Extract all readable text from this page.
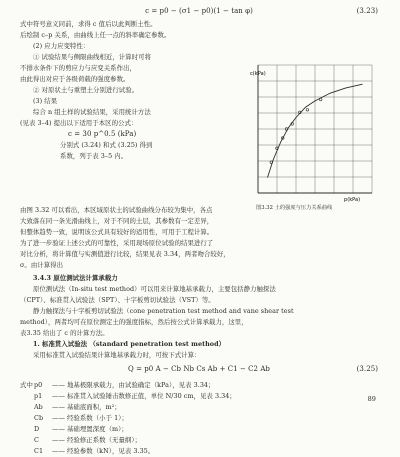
c = p0 − (σ1 − p0)(1 − tan φ)	(3.23)
式中符号意义同前，求得 c 值后以此判断土性。
后绘制 c–p 关系，由曲线上任一点的斜率确定参数。
(2) 应力应变特性：
① 试验结果与侧限曲线相近，计算时可将
不排水条件下的剪应力与应变关系作出，
由此得出对应于各级荷载的强度参数。
② 对原状土与重塑土分别进行试验。
(3) 结果
综合 n 组土样的试验结果，采用统计方法
(见表 3–4) 提出以下适用于本区的公式：
c = 30 p^0.5 (kPa)
分别式 (3.24) 和式 (3.25) 得到
系数，列于表 3–5 内。
c(kPa)
p(kPa)
图3.32 土的强度与压力关系曲线
由图 3.32 可以看出，本区域原状土的试验曲线分布较为集中，各点
大致落在同一条光滑曲线上，对于不同的土层，其参数有一定差异，
但整体趋势一致，说明该公式具有较好的适用性，可用于工程计算。
为了进一步验证上述公式的可靠性，采用现场原位试验的结果进行了
对比分析，将计算值与实测值进行比较，结果见表 3.34，两者吻合较好，
σ。由计算得出
3.4.3 原位测试法计算承载力
原位测试法（In-situ test method）可以用来计算地基承载力，主要包括静力触探法
（CPT）、标准贯入试验法（SPT）、十字板剪切试验法（VST）等。
静力触探法与十字板剪切试验法（cone penetration test method and vane shear test
method），两者均可在原位测定土的强度指标，然后按公式计算承载力，这里，
表3.35 给出了 c 的计算方法。
1. 标准贯入试验法 （standard penetration test method）
采用标准贯入试验结果计算地基承载力时，可按下式计算：
Q = p0 A − Cb Nb Cs Ab + C1 − C2 Ab	(3.25)
式中 p0	—— 地基极限承载力，由试验确定（kPa），见表 3.34；
p1	—— 标准贯入试验锤击数修正值，单位 N/30 cm，见表 3.34；
Ab	—— 基础底面积，m²；
Cb	—— 经验系数（小于 1）；
D	—— 基础埋置深度（m）；
C	—— 经验修正系数（无量纲）；
C1	—— 经验参数（kN），见表 3.35。
89
